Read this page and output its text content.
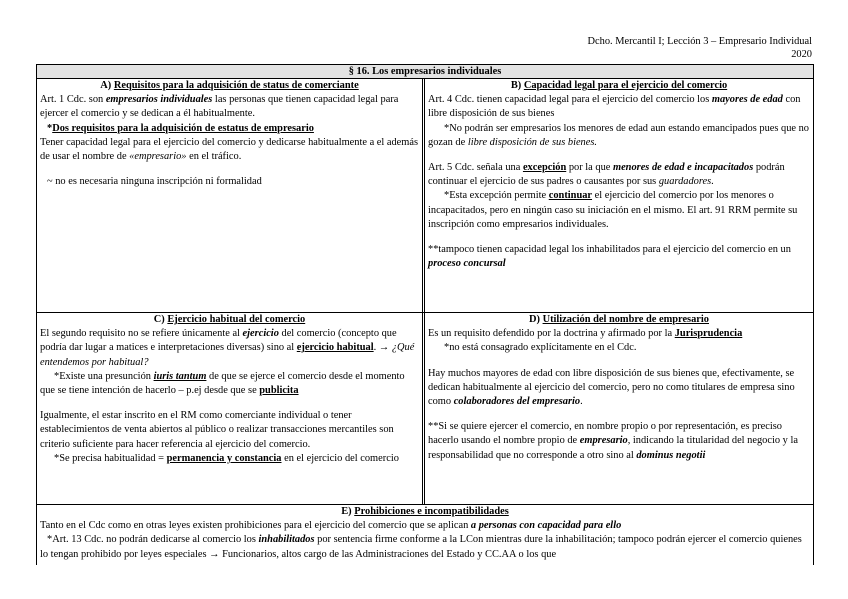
Dcho. Mercantil I; Lección 3 – Empresario Individual
2020
§ 16. Los empresarios individuales
A) Requisitos para la adquisición de status de comerciante

Art. 1 Cdc. son empresarios individuales las personas que tienen capacidad legal para ejercer el comercio y se dedican a él habitualmente.

*Dos requisitos para la adquisición de estatus de empresario

Tener capacidad legal para el ejercicio del comercio y dedicarse habitualmente a el además de usar el nombre de «empresario» en el tráfico.

~ no es necesaria ninguna inscripción ni formalidad

B) Capacidad legal para el ejercicio del comercio

Art. 4 Cdc. tienen capacidad legal para el ejercicio del comercio los mayores de edad con libre disposición de sus bienes

*No podrán ser empresarios los menores de edad aun estando emancipados pues que no gozan de libre disposición de sus bienes.

Art. 5 Cdc. señala una excepción por la que menores de edad e incapacitados podrán continuar el ejercicio de sus padres o causantes por sus guardadores.

*Esta excepción permite continuar el ejercicio del comercio por los menores o incapacitados, pero en ningún caso su iniciación en el mismo. El art. 91 RRM permite su inscripción como empresarios individuales.

**tampoco tienen capacidad legal los inhabilitados para el ejercicio del comercio en un proceso concursal

C) Ejercicio habitual del comercio

El segundo requisito no se refiere únicamente al ejercicio del comercio (concepto que podría dar lugar a matices e interpretaciones diversas) sino al ejercicio habitual. → ¿Qué entendemos por habitual?

*Existe una presunción iuris tantum de que se ejerce el comercio desde el momento que se tiene intención de hacerlo – p.ej desde que se publicita

Igualmente, el estar inscrito en el RM como comerciante individual o tener establecimientos de venta abiertos al público o realizar transacciones mercantiles son criterio suficiente para hacer referencia al ejercicio del comercio.

*Se precisa habitualidad = permanencia y constancia en el ejercicio del comercio

D) Utilización del nombre de empresario

Es un requisito defendido por la doctrina y afirmado por la Jurisprudencia

*no está consagrado explícitamente en el Cdc.

Hay muchos mayores de edad con libre disposición de sus bienes que, efectivamente, se dedican habitualmente al ejercicio del comercio, pero no como titulares de empresa sino como colaboradores del empresario.

**Si se quiere ejercer el comercio, en nombre propio o por representación, es preciso hacerlo usando el nombre propio de empresario, indicando la titularidad del negocio y la responsabilidad que no corresponde a otro sino al dominus negotii

E) Prohibiciones e incompatibilidades

Tanto en el Cdc como en otras leyes existen prohibiciones para el ejercicio del comercio que se aplican a personas con capacidad para ello

*Art. 13 Cdc. no podrán dedicarse al comercio los inhabilitados por sentencia firme conforme a la LCon mientras dure la inhabilitación; tampoco podrán ejercer el comercio quienes lo tengan prohibido por leyes especiales → Funcionarios, altos cargo de las Administraciones del Estado y CC.AA o los que
